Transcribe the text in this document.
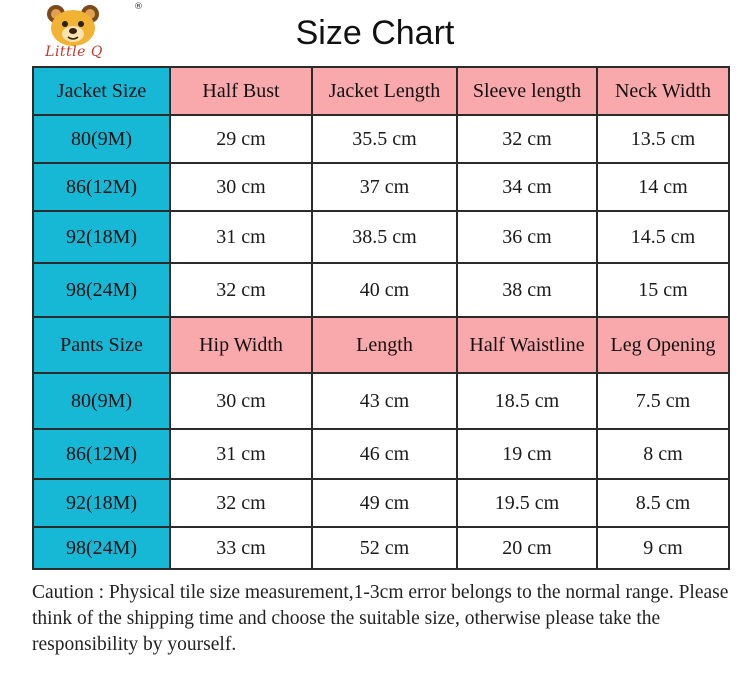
Little Q
®
Size Chart
Jacket Size	Half Bust	Jacket Length	Sleeve length	Neck Width
80(9M)	29 cm	35.5 cm	32 cm	13.5 cm
86(12M)	30 cm	37 cm	34 cm	14 cm
92(18M)	31 cm	38.5 cm	36 cm	14.5 cm
98(24M)	32 cm	40 cm	38 cm	15 cm
Pants Size	Hip Width	Length	Half Waistline	Leg Opening
80(9M)	30 cm	43 cm	18.5 cm	7.5 cm
86(12M)	31 cm	46 cm	19 cm	8 cm
92(18M)	32 cm	49 cm	19.5 cm	8.5 cm
98(24M)	33 cm	52 cm	20 cm	9 cm
Caution : Physical tile size measurement,1-3cm error belongs to the normal range. Please think of the shipping time and choose the suitable size, otherwise please take the responsibility by yourself.
